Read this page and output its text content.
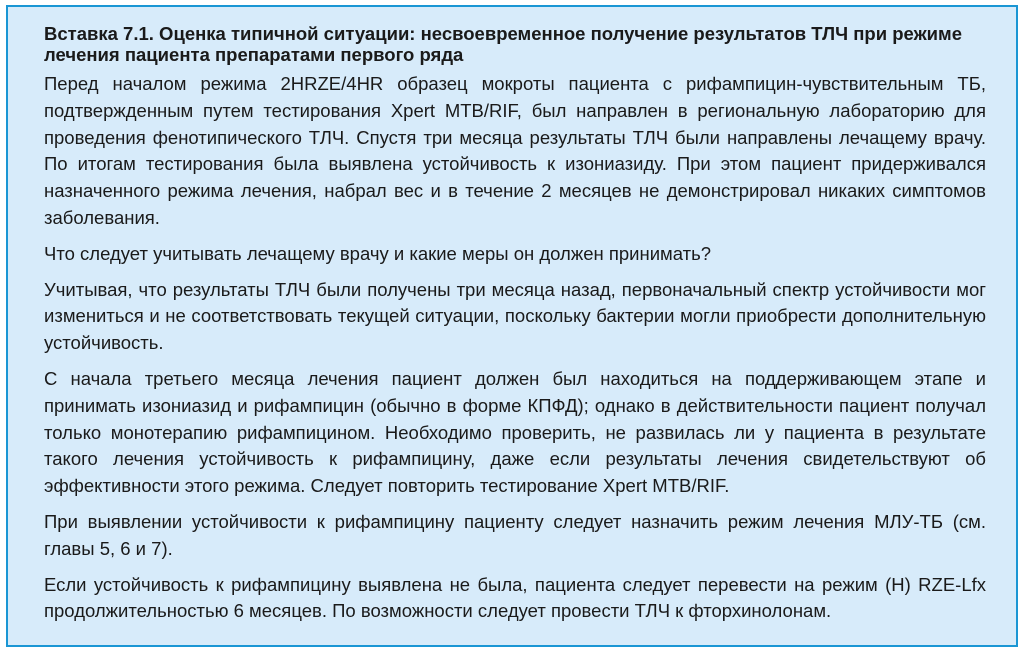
Вставка 7.1. Оценка типичной ситуации: несвоевременное получение результатов ТЛЧ при режиме лечения пациента препаратами первого ряда

Перед началом режима 2HRZE/4HR образец мокроты пациента с рифампицин-чувствительным ТБ, подтвержденным путем тестирования Xpert MTB/RIF, был направлен в региональную лабораторию для проведения фенотипического ТЛЧ. Спустя три месяца результаты ТЛЧ были направлены лечащему врачу. По итогам тестирования была выявлена устойчивость к изониазиду. При этом пациент придерживался назначенного режима лечения, набрал вес и в течение 2 месяцев не демонстрировал никаких симптомов заболевания.

Что следует учитывать лечащему врачу и какие меры он должен принимать?

Учитывая, что результаты ТЛЧ были получены три месяца назад, первоначальный спектр устойчивости мог измениться и не соответствовать текущей ситуации, поскольку бактерии могли приобрести дополнительную устойчивость.

С начала третьего месяца лечения пациент должен был находиться на поддерживающем этапе и принимать изониазид и рифампицин (обычно в форме КПФД); однако в действительности пациент получал только монотерапию рифампицином. Необходимо проверить, не развилась ли у пациента в результате такого лечения устойчивость к рифампицину, даже если результаты лечения свидетельствуют об эффективности этого режима. Следует повторить тестирование Xpert MTB/RIF.

При выявлении устойчивости к рифампицину пациенту следует назначить режим лечения МЛУ-ТБ (см. главы 5, 6 и 7).

Если устойчивость к рифампицину выявлена не была, пациента следует перевести на режим (H) RZE-Lfx продолжительностью 6 месяцев. По возможности следует провести ТЛЧ к фторхинолонам.
